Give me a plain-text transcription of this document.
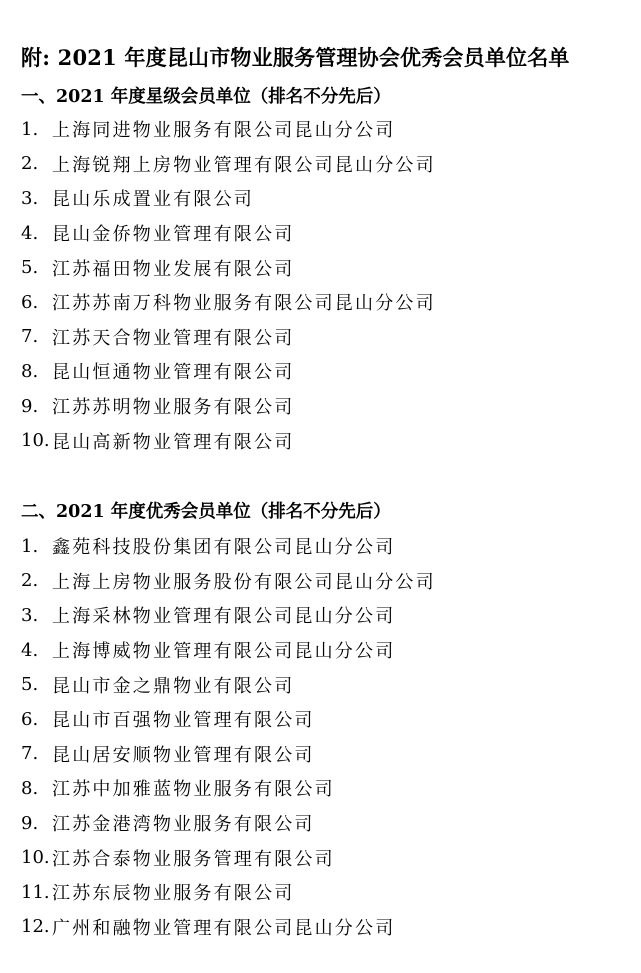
附: 2021 年度昆山市物业服务管理协会优秀会员单位名单
一、2021 年度星级会员单位（排名不分先后）
1. 上海同进物业服务有限公司昆山分公司
2. 上海锐翔上房物业管理有限公司昆山分公司
3. 昆山乐成置业有限公司
4. 昆山金侨物业管理有限公司
5. 江苏福田物业发展有限公司
6. 江苏苏南万科物业服务有限公司昆山分公司
7. 江苏天合物业管理有限公司
8. 昆山恒通物业管理有限公司
9. 江苏苏明物业服务有限公司
10. 昆山高新物业管理有限公司
二、2021 年度优秀会员单位（排名不分先后）
1. 鑫苑科技股份集团有限公司昆山分公司
2. 上海上房物业服务股份有限公司昆山分公司
3. 上海采林物业管理有限公司昆山分公司
4. 上海博威物业管理有限公司昆山分公司
5. 昆山市金之鼎物业有限公司
6. 昆山市百强物业管理有限公司
7. 昆山居安顺物业管理有限公司
8. 江苏中加雅蓝物业服务有限公司
9. 江苏金港湾物业服务有限公司
10. 江苏合泰物业服务管理有限公司
11. 江苏东辰物业服务有限公司
12. 广州和融物业管理有限公司昆山分公司
